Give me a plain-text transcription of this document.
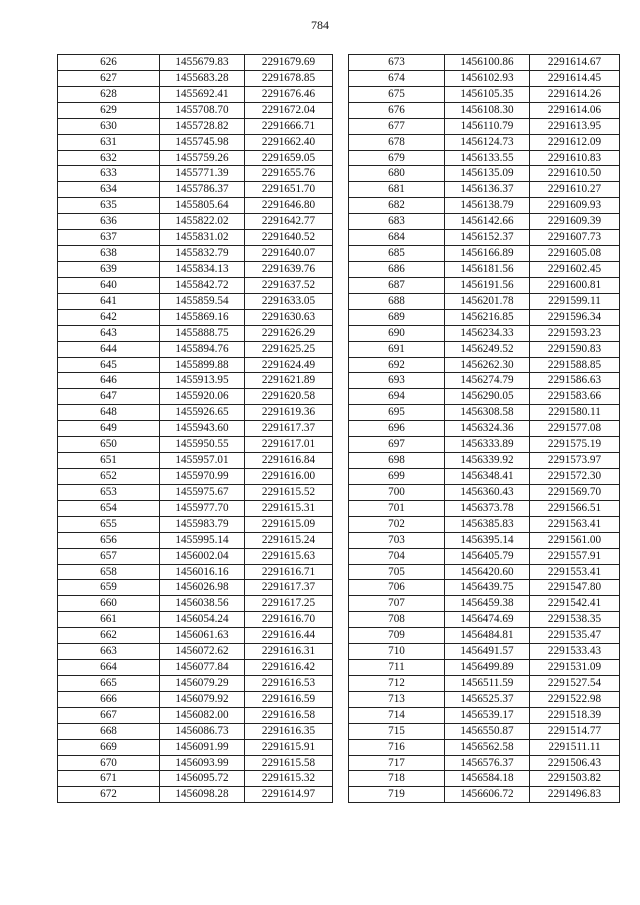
784
626	1455679.83	2291679.69
627	1455683.28	2291678.85
628	1455692.41	2291676.46
629	1455708.70	2291672.04
630	1455728.82	2291666.71
631	1455745.98	2291662.40
632	1455759.26	2291659.05
633	1455771.39	2291655.76
634	1455786.37	2291651.70
635	1455805.64	2291646.80
636	1455822.02	2291642.77
637	1455831.02	2291640.52
638	1455832.79	2291640.07
639	1455834.13	2291639.76
640	1455842.72	2291637.52
641	1455859.54	2291633.05
642	1455869.16	2291630.63
643	1455888.75	2291626.29
644	1455894.76	2291625.25
645	1455899.88	2291624.49
646	1455913.95	2291621.89
647	1455920.06	2291620.58
648	1455926.65	2291619.36
649	1455943.60	2291617.37
650	1455950.55	2291617.01
651	1455957.01	2291616.84
652	1455970.99	2291616.00
653	1455975.67	2291615.52
654	1455977.70	2291615.31
655	1455983.79	2291615.09
656	1455995.14	2291615.24
657	1456002.04	2291615.63
658	1456016.16	2291616.71
659	1456026.98	2291617.37
660	1456038.56	2291617.25
661	1456054.24	2291616.70
662	1456061.63	2291616.44
663	1456072.62	2291616.31
664	1456077.84	2291616.42
665	1456079.29	2291616.53
666	1456079.92	2291616.59
667	1456082.00	2291616.58
668	1456086.73	2291616.35
669	1456091.99	2291615.91
670	1456093.99	2291615.58
671	1456095.72	2291615.32
672	1456098.28	2291614.97
673	1456100.86	2291614.67
674	1456102.93	2291614.45
675	1456105.35	2291614.26
676	1456108.30	2291614.06
677	1456110.79	2291613.95
678	1456124.73	2291612.09
679	1456133.55	2291610.83
680	1456135.09	2291610.50
681	1456136.37	2291610.27
682	1456138.79	2291609.93
683	1456142.66	2291609.39
684	1456152.37	2291607.73
685	1456166.89	2291605.08
686	1456181.56	2291602.45
687	1456191.56	2291600.81
688	1456201.78	2291599.11
689	1456216.85	2291596.34
690	1456234.33	2291593.23
691	1456249.52	2291590.83
692	1456262.30	2291588.85
693	1456274.79	2291586.63
694	1456290.05	2291583.66
695	1456308.58	2291580.11
696	1456324.36	2291577.08
697	1456333.89	2291575.19
698	1456339.92	2291573.97
699	1456348.41	2291572.30
700	1456360.43	2291569.70
701	1456373.78	2291566.51
702	1456385.83	2291563.41
703	1456395.14	2291561.00
704	1456405.79	2291557.91
705	1456420.60	2291553.41
706	1456439.75	2291547.80
707	1456459.38	2291542.41
708	1456474.69	2291538.35
709	1456484.81	2291535.47
710	1456491.57	2291533.43
711	1456499.89	2291531.09
712	1456511.59	2291527.54
713	1456525.37	2291522.98
714	1456539.17	2291518.39
715	1456550.87	2291514.77
716	1456562.58	2291511.11
717	1456576.37	2291506.43
718	1456584.18	2291503.82
719	1456606.72	2291496.83
